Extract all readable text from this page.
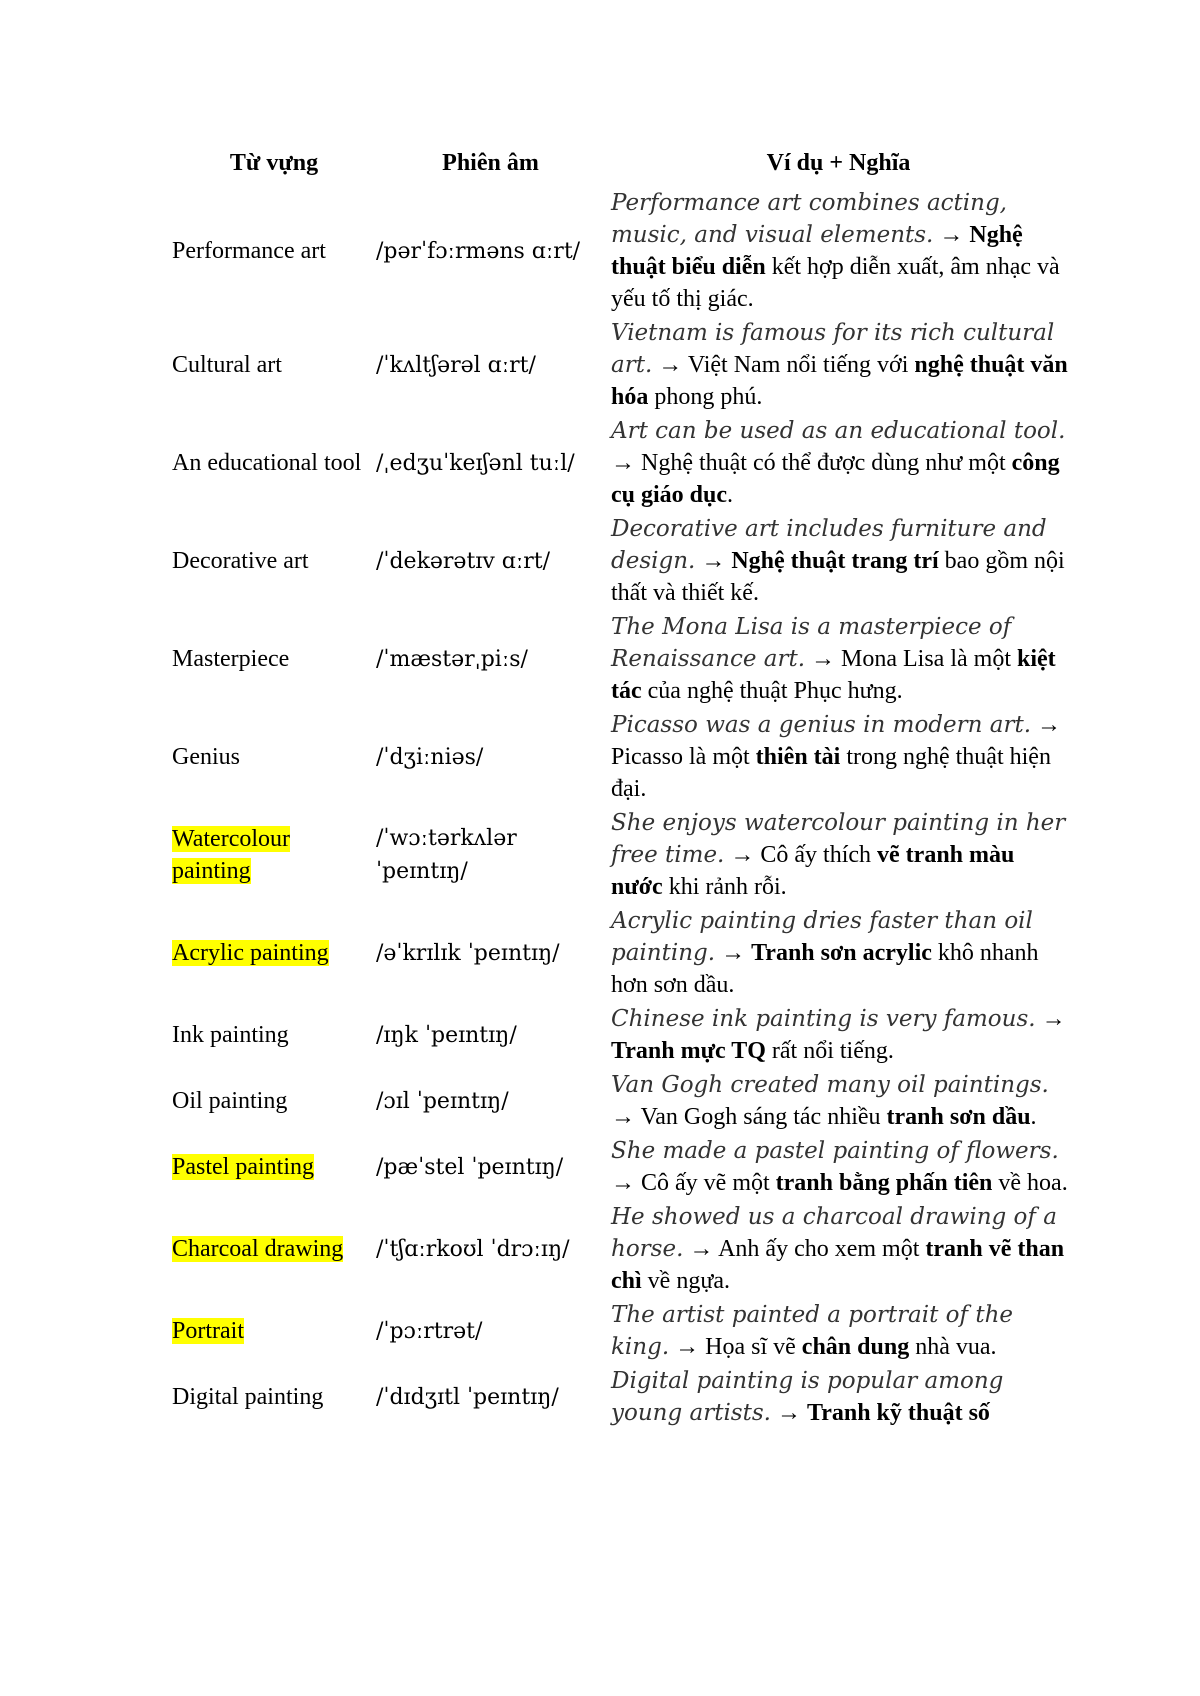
Từ vựng	Phiên âm	Ví dụ + Nghĩa
Performance art	/pərˈfɔːrməns ɑːrt/	Performance art combines acting, music, and visual elements. → Nghệ thuật biểu diễn kết hợp diễn xuất, âm nhạc và yếu tố thị giác.
Cultural art	/ˈkʌltʃərəl ɑːrt/	Vietnam is famous for its rich cultural art. → Việt Nam nổi tiếng với nghệ thuật văn hóa phong phú.
An educational tool	/ˌedʒuˈkeɪʃənl tuːl/	Art can be used as an educational tool. → Nghệ thuật có thể được dùng như một công cụ giáo dục.
Decorative art	/ˈdekərətɪv ɑːrt/	Decorative art includes furniture and design. → Nghệ thuật trang trí bao gồm nội thất và thiết kế.
Masterpiece	/ˈmæstərˌpiːs/	The Mona Lisa is a masterpiece of Renaissance art. → Mona Lisa là một kiệt tác của nghệ thuật Phục hưng.
Genius	/ˈdʒiːniəs/	Picasso was a genius in modern art. → Picasso là một thiên tài trong nghệ thuật hiện đại.
Watercolour painting	/ˈwɔːtərkʌlər ˈpeɪntɪŋ/	She enjoys watercolour painting in her free time. → Cô ấy thích vẽ tranh màu nước khi rảnh rỗi.
Acrylic painting	/əˈkrɪlɪk ˈpeɪntɪŋ/	Acrylic painting dries faster than oil painting. → Tranh sơn acrylic khô nhanh hơn sơn dầu.
Ink painting	/ɪŋk ˈpeɪntɪŋ/	Chinese ink painting is very famous. → Tranh mực TQ rất nổi tiếng.
Oil painting	/ɔɪl ˈpeɪntɪŋ/	Van Gogh created many oil paintings. → Van Gogh sáng tác nhiều tranh sơn dầu.
Pastel painting	/pæˈstel ˈpeɪntɪŋ/	She made a pastel painting of flowers. → Cô ấy vẽ một tranh bằng phấn tiên về hoa.
Charcoal drawing	/ˈtʃɑːrkoʊl ˈdrɔːɪŋ/	He showed us a charcoal drawing of a horse. → Anh ấy cho xem một tranh vẽ than chì về ngựa.
Portrait	/ˈpɔːrtrət/	The artist painted a portrait of the king. → Họa sĩ vẽ chân dung nhà vua.
Digital painting	/ˈdɪdʒɪtl ˈpeɪntɪŋ/	Digital painting is popular among young artists. → Tranh kỹ thuật số
